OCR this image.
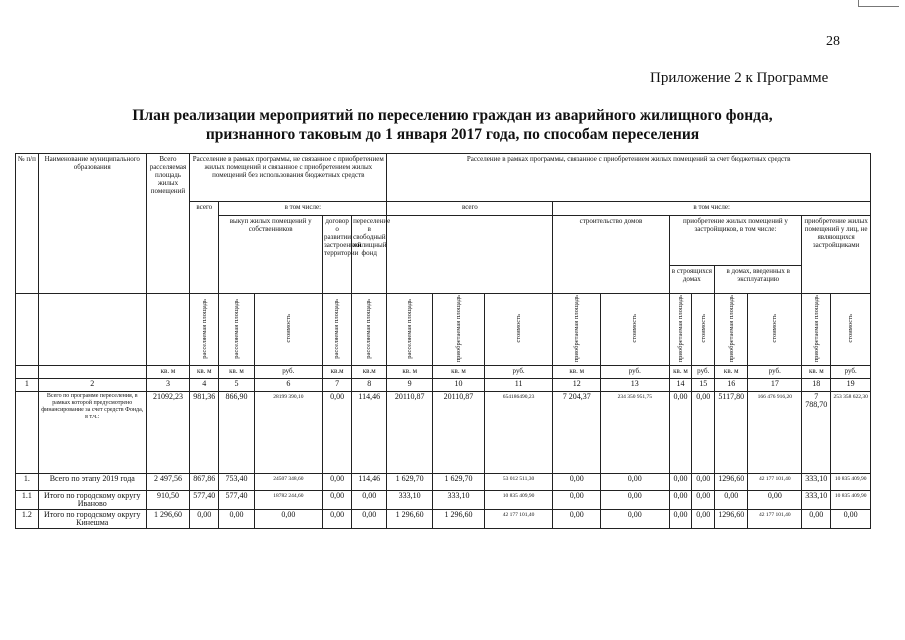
28
Приложение 2 к Программе
План реализации мероприятий по переселению граждан из аварийного жилищного фонда,
признанного таковым до 1 января 2017 года, по способам переселения
№ п/п	Наименование муниципального образования	Всего расселяемая площадь жилых помещений	Расселение в рамках программы, не связанное с приобретением жилых помещений и связанное с приобретением жилых помещений без использования бюджетных средств					Расселение в рамках программы, связанное с приобретением жилых помещений за счет бюджетных средств										
			всего	в том числе:				всего			в том числе:							
				выкуп жилых помещений у собственников		договор о развитии застроенной территории	переселение в свободный жилищный фонд				строительство домов		приобретение жилых помещений у застройщиков, в том числе:				приобретение жилых помещений у лиц, не являющихся застройщиками	
													в строящихся домах		в домах, введенных в эксплуатацию			
			расселяемая площадь	расселяемая площадь	стоимость	расселяемая площадь	расселяемая площадь	расселяемая площадь	приобретаемая площадь	стоимость	приобретаемая площадь	стоимость	приобретаемая площадь	стоимость	приобретаемая площадь	стоимость	приобретаемая площадь	стоимость
		кв. м	кв. м	кв. м	руб.	кв.м	кв.м	кв. м	кв. м	руб.	кв. м	руб.	кв. м	руб.	кв. м	руб.	кв. м	руб.
1	2	3	4	5	6	7	8	9	10	11	12	13	14	15	16	17	18	19
	Всего по программе переселения, в рамках которой предусмотрено финансирование за счет средств Фонда, в т.ч.:	21092,23	981,36	866,90	28199 390,10	0,00	114,46	20110,87	20110,87	654186490,23	7 204,37	234 350 951,75	0,00	0,00	5117,80	166 476 916,20	7 788,70	253 358 622,30
1.	Всего по этапу 2019 года	2 497,56	867,86	753,40	24507 348,60	0,00	114,46	1 629,70	1 629,70	53 012 511,30	0,00	0,00	0,00	0,00	1296,60	42 177 101,40	333,10	10 835 409,90
1.1	Итого по городскому округу Иваново	910,50	577,40	577,40	18782 244,60	0,00	0,00	333,10	333,10	10 835 409,90	0,00	0,00	0,00	0,00	0,00	0,00	333,10	10 835 409,90
1.2	Итого по городскому округу Кинешма	1 296,60	0,00	0,00	0,00	0,00	0,00	1 296,60	1 296,60	42 177 101,40	0,00	0,00	0,00	0,00	1296,60	42 177 101,40	0,00	0,00
